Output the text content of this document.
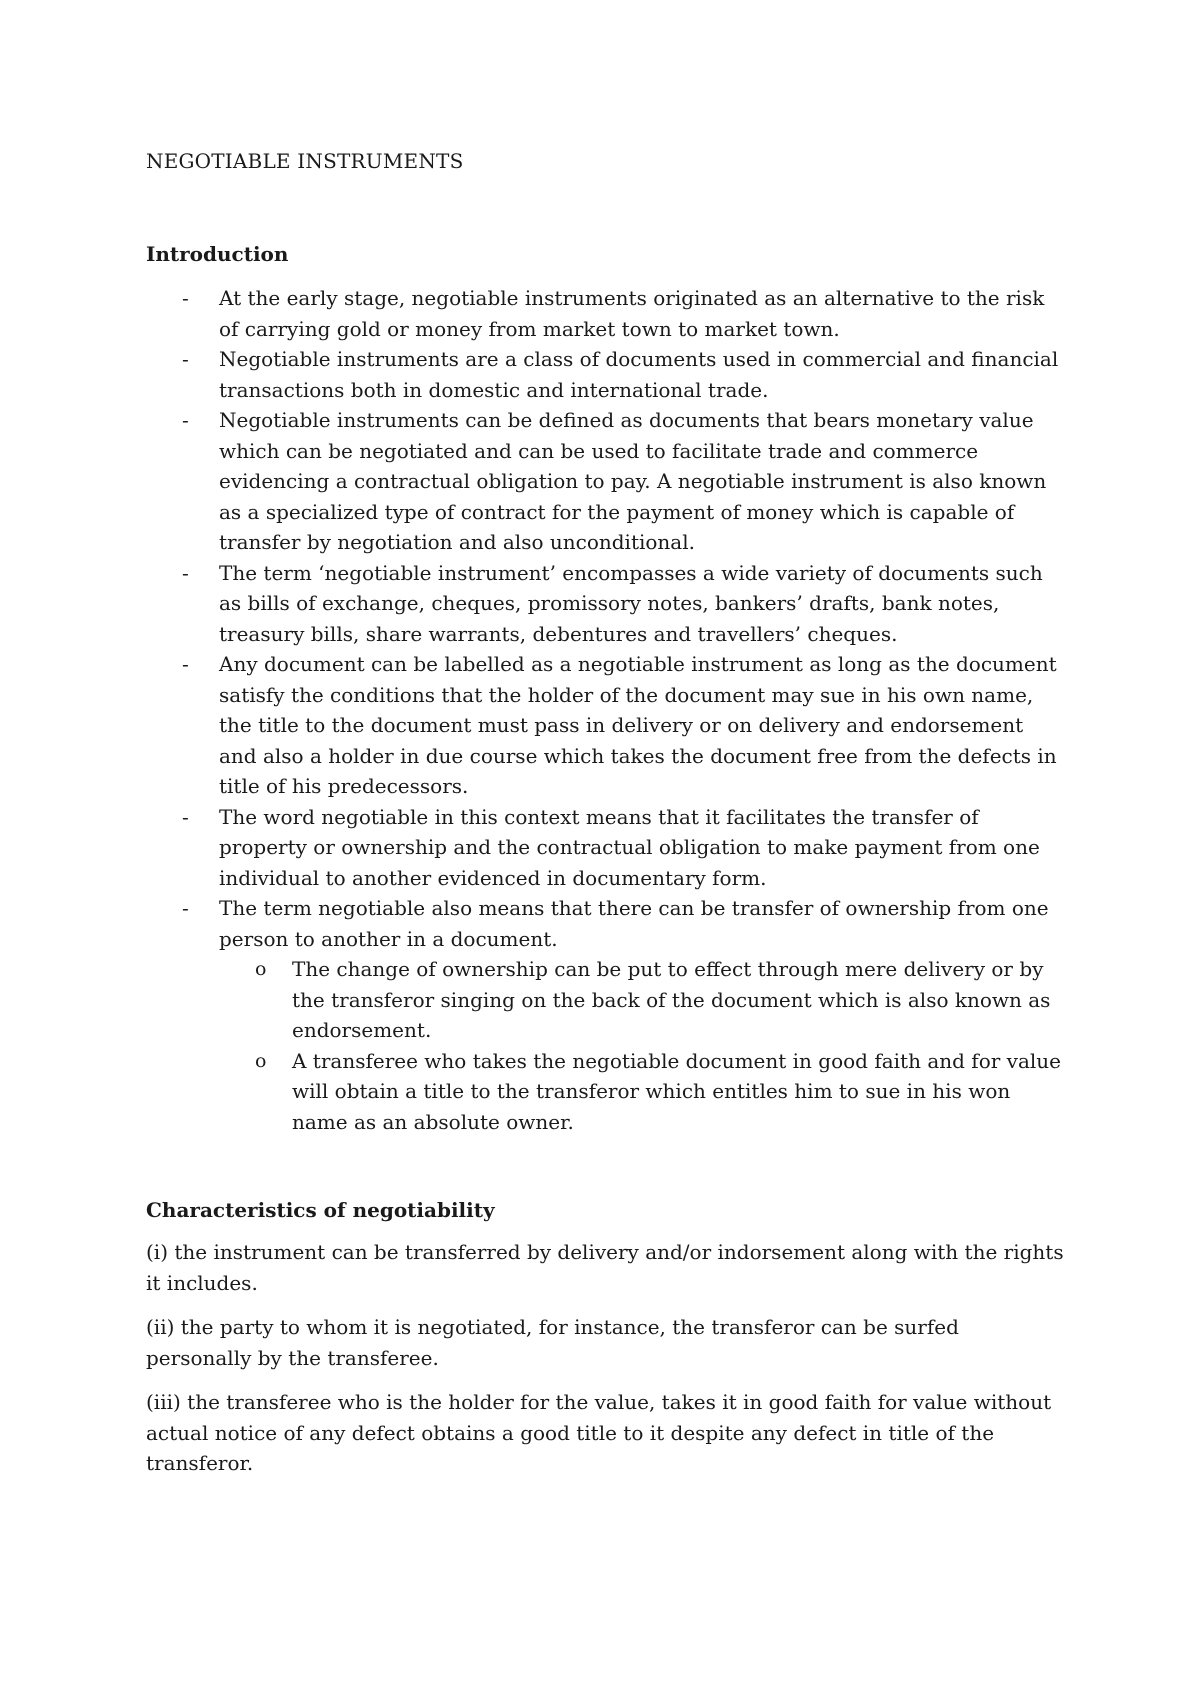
NEGOTIABLE INSTRUMENTS
Introduction
- At the early stage, negotiable instruments originated as an alternative to the risk of carrying gold or money from market town to market town.
- Negotiable instruments are a class of documents used in commercial and financial transactions both in domestic and international trade.
- Negotiable instruments can be defined as documents that bears monetary value which can be negotiated and can be used to facilitate trade and commerce evidencing a contractual obligation to pay. A negotiable instrument is also known as a specialized type of contract for the payment of money which is capable of transfer by negotiation and also unconditional.
- The term ‘negotiable instrument’ encompasses a wide variety of documents such as bills of exchange, cheques, promissory notes, bankers’ drafts, bank notes, treasury bills, share warrants, debentures and travellers’ cheques.
- Any document can be labelled as a negotiable instrument as long as the document satisfy the conditions that the holder of the document may sue in his own name, the title to the document must pass in delivery or on delivery and endorsement and also a holder in due course which takes the document free from the defects in title of his predecessors.
- The word negotiable in this context means that it facilitates the transfer of property or ownership and the contractual obligation to make payment from one individual to another evidenced in documentary form.
- The term negotiable also means that there can be transfer of ownership from one person to another in a document.
o The change of ownership can be put to effect through mere delivery or by the transferor singing on the back of the document which is also known as endorsement.
o A transferee who takes the negotiable document in good faith and for value will obtain a title to the transferor which entitles him to sue in his won name as an absolute owner.
Characteristics of negotiability

(i) the instrument can be transferred by delivery and/or indorsement along with the rights it includes.

(ii) the party to whom it is negotiated, for instance, the transferor can be surfed personally by the transferee.

(iii) the transferee who is the holder for the value, takes it in good faith for value without actual notice of any defect obtains a good title to it despite any defect in title of the transferor.
